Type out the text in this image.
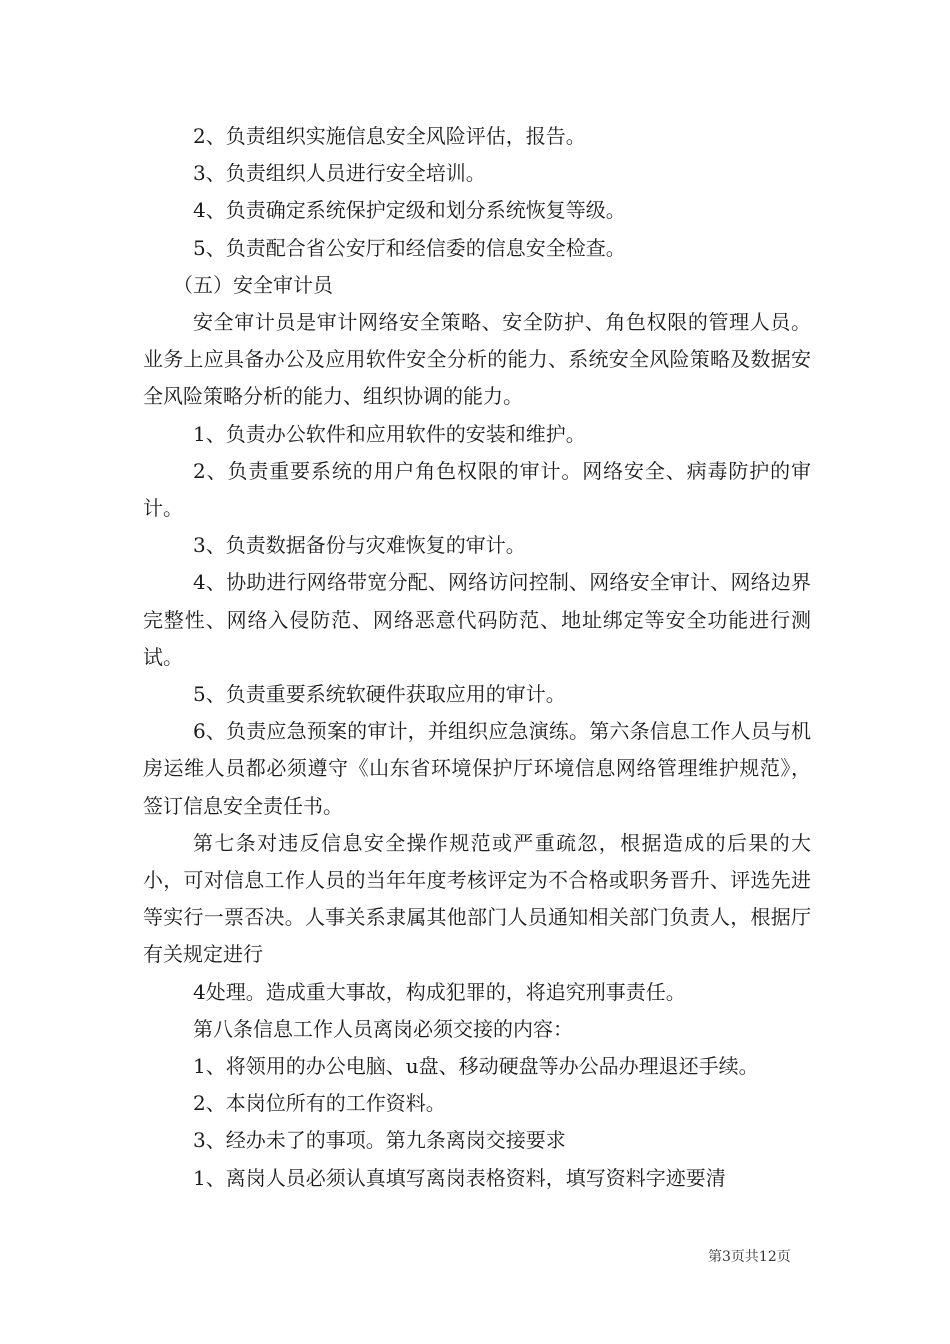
2、负责组织实施信息安全风险评估，报告。

3、负责组织人员进行安全培训。

4、负责确定系统保护定级和划分系统恢复等级。

5、负责配合省公安厅和经信委的信息安全检查。

（五）安全审计员

安全审计员是审计网络安全策略、安全防护、角色权限的管理人员。业务上应具备办公及应用软件安全分析的能力、系统安全风险策略及数据安全风险策略分析的能力、组织协调的能力。

1、负责办公软件和应用软件的安装和维护。

2、负责重要系统的用户角色权限的审计。网络安全、病毒防护的审计。

3、负责数据备份与灾难恢复的审计。

4、协助进行网络带宽分配、网络访问控制、网络安全审计、网络边界完整性、网络入侵防范、网络恶意代码防范、地址绑定等安全功能进行测试。

5、负责重要系统软硬件获取应用的审计。

6、负责应急预案的审计，并组织应急演练。第六条信息工作人员与机房运维人员都必须遵守《山东省环境保护厅环境信息网络管理维护规范》，签订信息安全责任书。

第七条对违反信息安全操作规范或严重疏忽，根据造成的后果的大小，可对信息工作人员的当年年度考核评定为不合格或职务晋升、评选先进等实行一票否决。人事关系隶属其他部门人员通知相关部门负责人，根据厅有关规定进行

4处理。造成重大事故，构成犯罪的，将追究刑事责任。

第八条信息工作人员离岗必须交接的内容：

1、将领用的办公电脑、u盘、移动硬盘等办公品办理退还手续。

2、本岗位所有的工作资料。

3、经办未了的事项。第九条离岗交接要求

1、离岗人员必须认真填写离岗表格资料，填写资料字迹要清

第3页共12页
